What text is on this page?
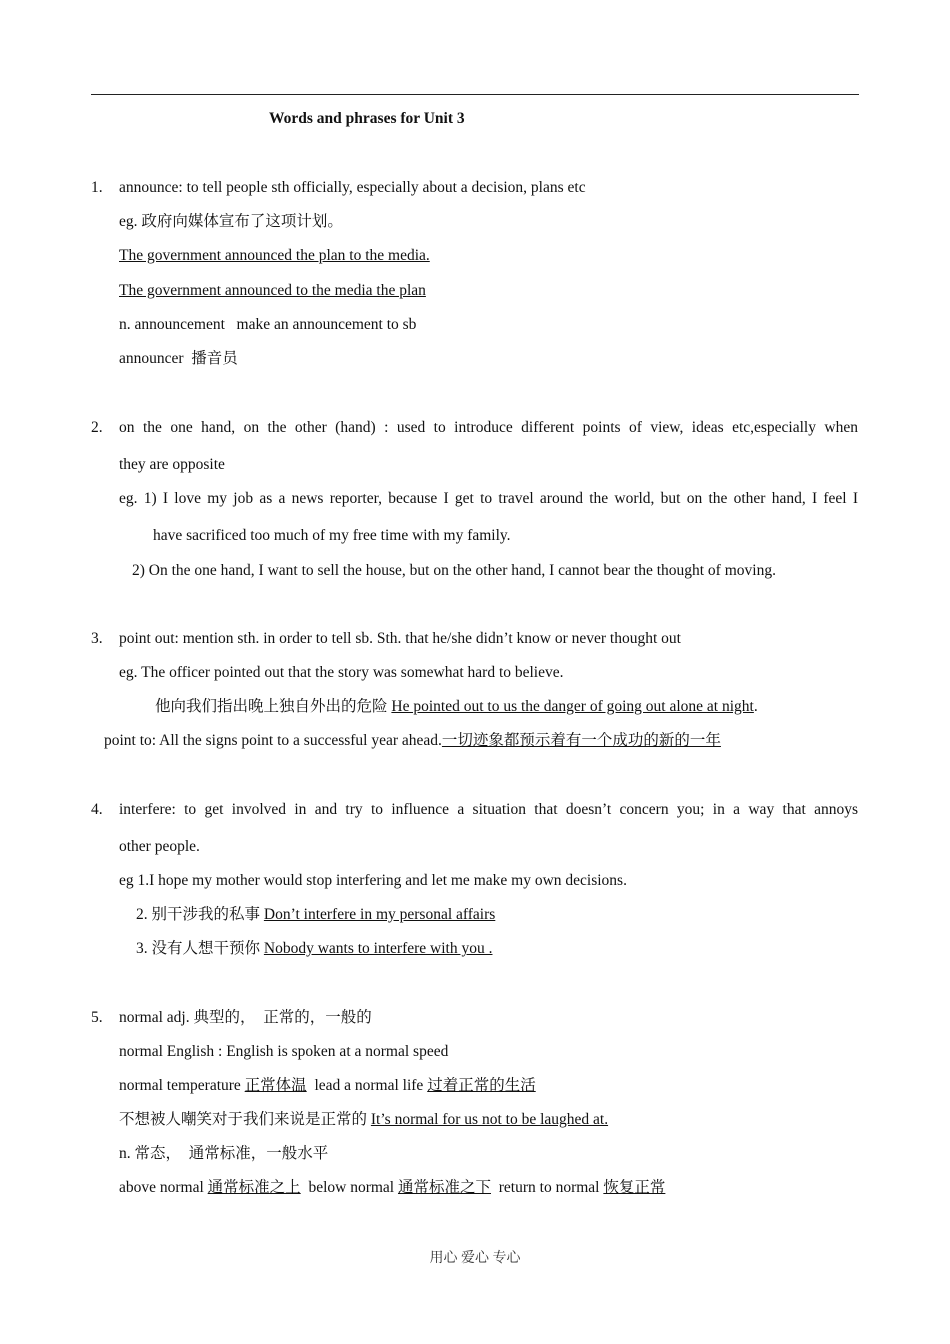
Words and phrases for Unit 3
1. announce: to tell people sth officially, especially about a decision, plans etc
eg. 政府向媒体宣布了这项计划。
The government announced the plan to the media.
The government announced to the media the plan
n. announcement   make an announcement to sb
announcer  播音员
2. on the one hand, on the other (hand) : used to introduce different points of view, ideas etc,especially when
they are opposite
eg. 1) I love my job as a news reporter, because I get to travel around the world, but on the other hand, I feel I
have sacrificed too much of my free time with my family.
2) On the one hand, I want to sell the house, but on the other hand, I cannot bear the thought of moving.
3. point out: mention sth. in order to tell sb. Sth. that he/she didn’t know or never thought out
eg. The officer pointed out that the story was somewhat hard to believe.
他向我们指出晚上独自外出的危险 He pointed out to us the danger of going out alone at night.
point to: All the signs point to a successful year ahead.一切迹象都预示着有一个成功的新的一年
4. interfere: to get involved in and try to influence a situation that doesn’t concern you; in a way that annoys
other people.
eg 1.I hope my mother would stop interfering and let me make my own decisions.
2. 别干涉我的私事 Don’t interfere in my personal affairs
3. 没有人想干预你 Nobody wants to interfere with you .
5. normal adj. 典型的，  正常的，一般的
normal English : English is spoken at a normal speed
normal temperature 正常体温  lead a normal life 过着正常的生活
不想被人嘲笑对于我们来说是正常的 It’s normal for us not to be laughed at.
n. 常态，  通常标准，一般水平
above normal 通常标准之上  below normal 通常标准之下  return to normal 恢复正常
用心 爱心 专心
